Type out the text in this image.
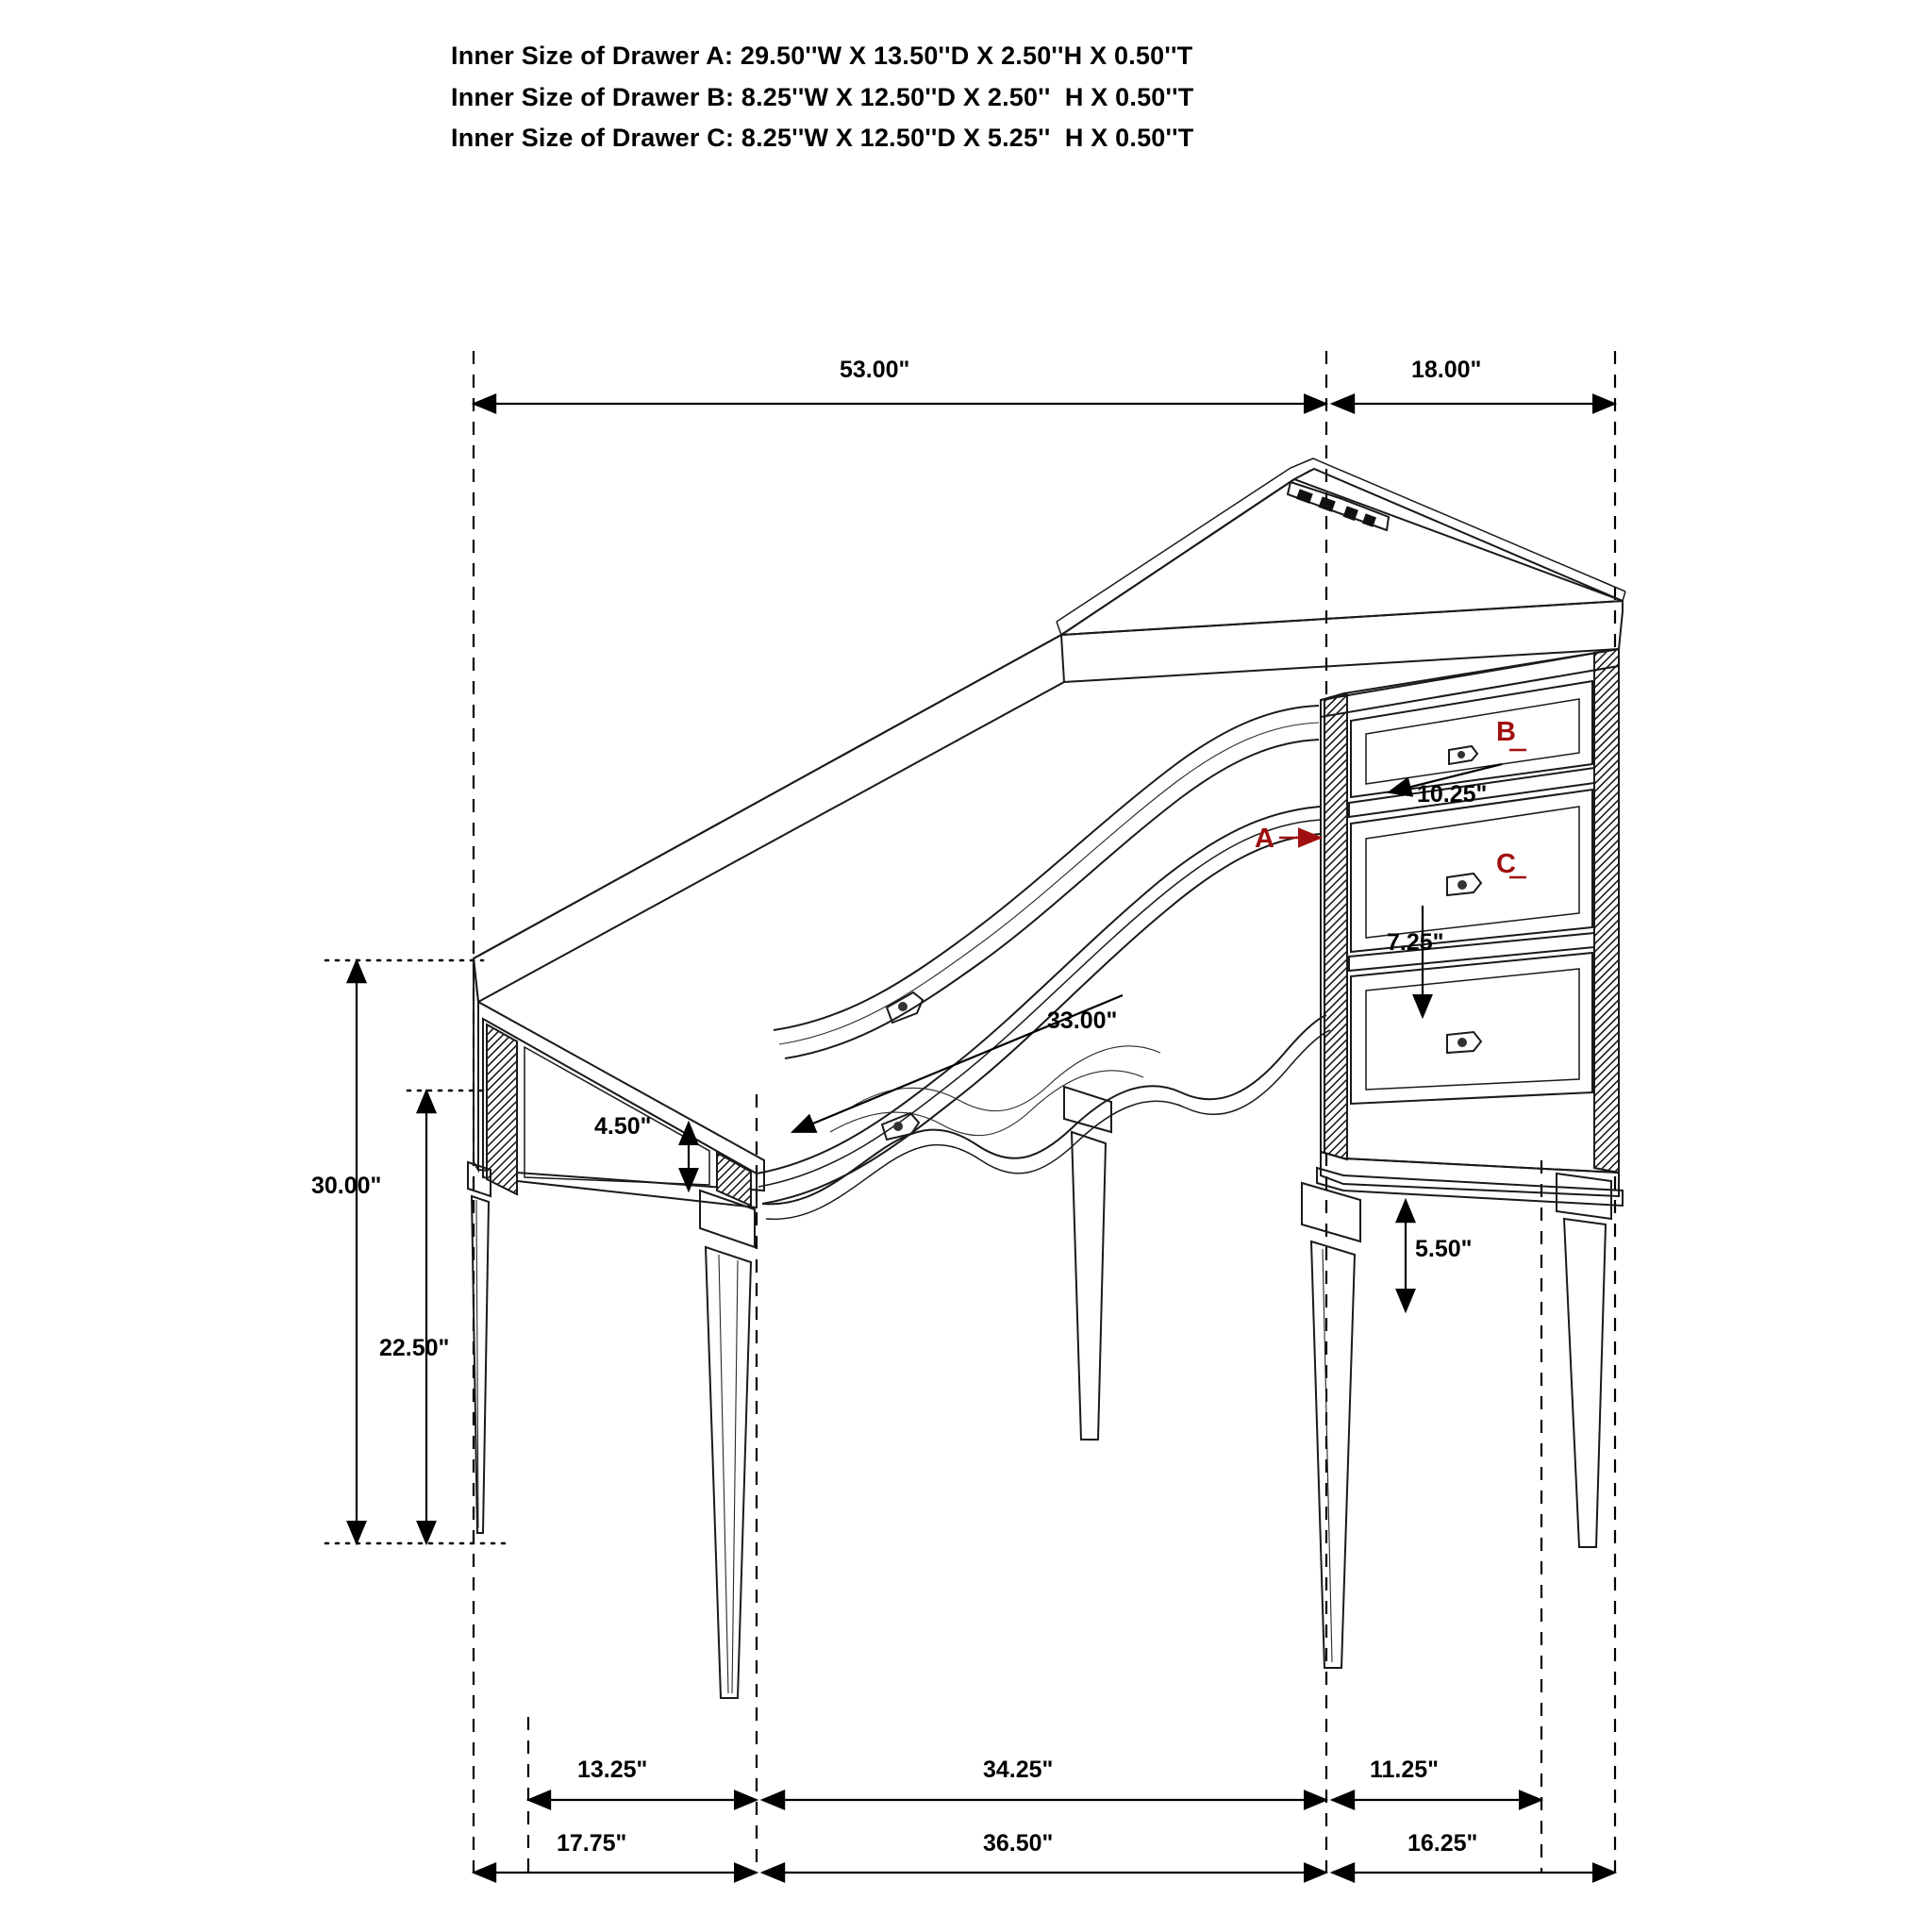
Inner Size of Drawer A: 29.50''W X 13.50''D X 2.50''H X 0.50''T
Inner Size of Drawer B: 8.25''W X 12.50''D X 2.50''  H X 0.50''T
Inner Size of Drawer C: 8.25''W X 12.50''D X 5.25''  H X 0.50''T
53.00"	18.00"
30.00"
22.50"
4.50"
33.00"
10.25"
7.25"
5.50"
13.25"	34.25"	11.25"
17.75"	36.50"	16.25"
A
B
C
